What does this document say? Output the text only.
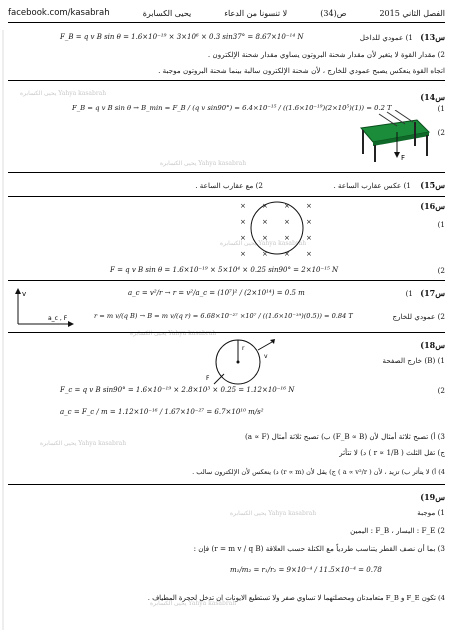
facebook.com/kasabrah	يحيى الكسابرة	لا تنسونا من الدعاء	ص(34)	الفصل الثاني 2015
Yahya kasabrah يحيى الكسابرة
Yahya kasabrah يحيى الكسابرة
Yahya kasabrah يحيى الكسابرة
Yahya kasabrah يحيى الكسابرة
Yahya kasabrah يحيى الكسابرة
Yahya kasabrah يحيى الكسابرة
Yahya kasabrah يحيى الكسابرة
س13)
1) عمودي للداخل
F_B = q v B sin θ = 1.6×10⁻¹⁹ × 3×10⁶ × 0.3 sin37° = 8.67×10⁻¹⁴ N
2) مقدار القوة لا يتغير لأن مقدار شحنة البروتون يساوي مقدار شحنة الإلكترون .
اتجاه القوة ينعكس يصبح عمودي للخارج ، لأن شحنة الإلكترون سالبة بينما شحنة البروتون موجبة .
س14)
1)
F_B = q v B sin θ → B_min = F_B / (q v sin90°) = 6.4×10⁻¹⁵ / ((1.6×10⁻¹⁹)(2×10⁵)(1)) = 0.2 T
2)
F
س15)
1) عكس عقارب الساعة .
2) مع عقارب الساعة .
س16)
1)
× × × ×
× × × ×
× × × ×
× × × ×
2)
F = q v B sin θ = 1.6×10⁻¹⁹ × 5×10⁴ × 0.25 sin90° = 2×10⁻¹⁵ N
س17)
1)
a_c = v²/r → r = v²/a_c = (10⁷)² / (2×10¹⁴) = 0.5 m
2) عمودي للخارج
r = m v/(q B) → B = m v/(q r) = 6.68×10⁻²⁷ ×10⁷ / ((1.6×10⁻¹⁹)(0.5)) = 0.84 T
v
a_c , F
س18)
1) (B) خارج الصفحة
r
v
F
2)
F_c = q v B sin90° = 1.6×10⁻¹⁹ × 2.8×10³ × 0.25 = 1.12×10⁻¹⁶ N
a_c = F_c / m = 1.12×10⁻¹⁶ / 1.67×10⁻²⁷ = 6.7×10¹⁰ m/s²
3) أ) تصبح ثلاثة أمثال لأن (F_B ∝ B) ب) تصبح ثلاثة أمثال (a ∝ F)
ج) تقل الثلث ( r ∝ 1/B ) د) لا تتأثر
4) أ) لا يتأثر ب) تزيد ، لأن ( a ∝ v²/r ) ج) يقل لأن (r ∝ m) د) ينعكس لأن الإلكترون سالب .
س19)
1) موجبة
2) F_E : اليسار ، F_B : اليمين
3) بما أن نصف القطر يتناسب طردياً مع الكتلة حسب العلاقة (r = m v / q B) فإن :
m₁/m₂ = r₁/r₂ = 9×10⁻⁴ / 11.5×10⁻⁴ = 0.78
4) تكون F_E و F_B متعامدتان ومحصلتهما لا تساوي صفر ولا تستطيع الايونات ان تدخل لحجرة المطياف .
